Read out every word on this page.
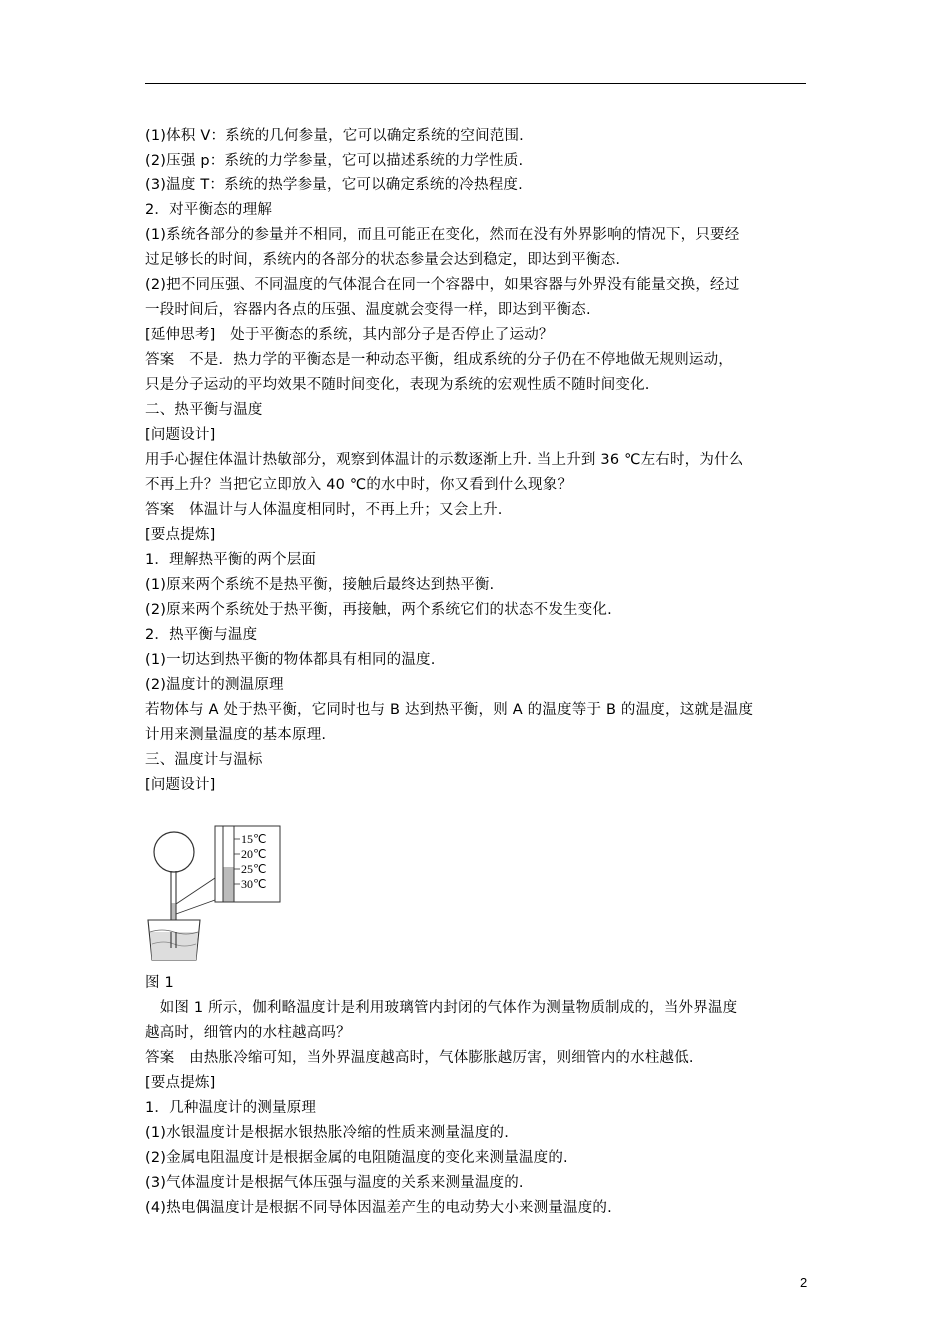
(1)体积 V：系统的几何参量，它可以确定系统的空间范围.
(2)压强 p：系统的力学参量，它可以描述系统的力学性质.
(3)温度 T：系统的热学参量，它可以确定系统的冷热程度.
2．对平衡态的理解
(1)系统各部分的参量并不相同，而且可能正在变化，然而在没有外界影响的情况下，只要经
过足够长的时间，系统内的各部分的状态参量会达到稳定，即达到平衡态.
(2)把不同压强、不同温度的气体混合在同一个容器中，如果容器与外界没有能量交换，经过
一段时间后，容器内各点的压强、温度就会变得一样，即达到平衡态.
[延伸思考]　处于平衡态的系统，其内部分子是否停止了运动？
答案　不是．热力学的平衡态是一种动态平衡，组成系统的分子仍在不停地做无规则运动，
只是分子运动的平均效果不随时间变化，表现为系统的宏观性质不随时间变化.
二、热平衡与温度
[问题设计]
用手心握住体温计热敏部分，观察到体温计的示数逐渐上升. 当上升到 36 ℃左右时，为什么
不再上升？当把它立即放入 40 ℃的水中时，你又看到什么现象？
答案　体温计与人体温度相同时，不再上升；又会上升.
[要点提炼]
1．理解热平衡的两个层面
(1)原来两个系统不是热平衡，接触后最终达到热平衡.
(2)原来两个系统处于热平衡，再接触，两个系统它们的状态不发生变化.
2．热平衡与温度
(1)一切达到热平衡的物体都具有相同的温度.
(2)温度计的测温原理
若物体与 A 处于热平衡，它同时也与 B 达到热平衡，则 A 的温度等于 B 的温度，这就是温度
计用来测量温度的基本原理.
三、温度计与温标
[问题设计]
15℃
20℃
25℃
30℃
图 1
　如图 1 所示，伽利略温度计是利用玻璃管内封闭的气体作为测量物质制成的，当外界温度
越高时，细管内的水柱越高吗？
答案　由热胀冷缩可知，当外界温度越高时，气体膨胀越厉害，则细管内的水柱越低.
[要点提炼]
1．几种温度计的测量原理
(1)水银温度计是根据水银热胀冷缩的性质来测量温度的.
(2)金属电阻温度计是根据金属的电阻随温度的变化来测量温度的.
(3)气体温度计是根据气体压强与温度的关系来测量温度的.
(4)热电偶温度计是根据不同导体因温差产生的电动势大小来测量温度的.
2
